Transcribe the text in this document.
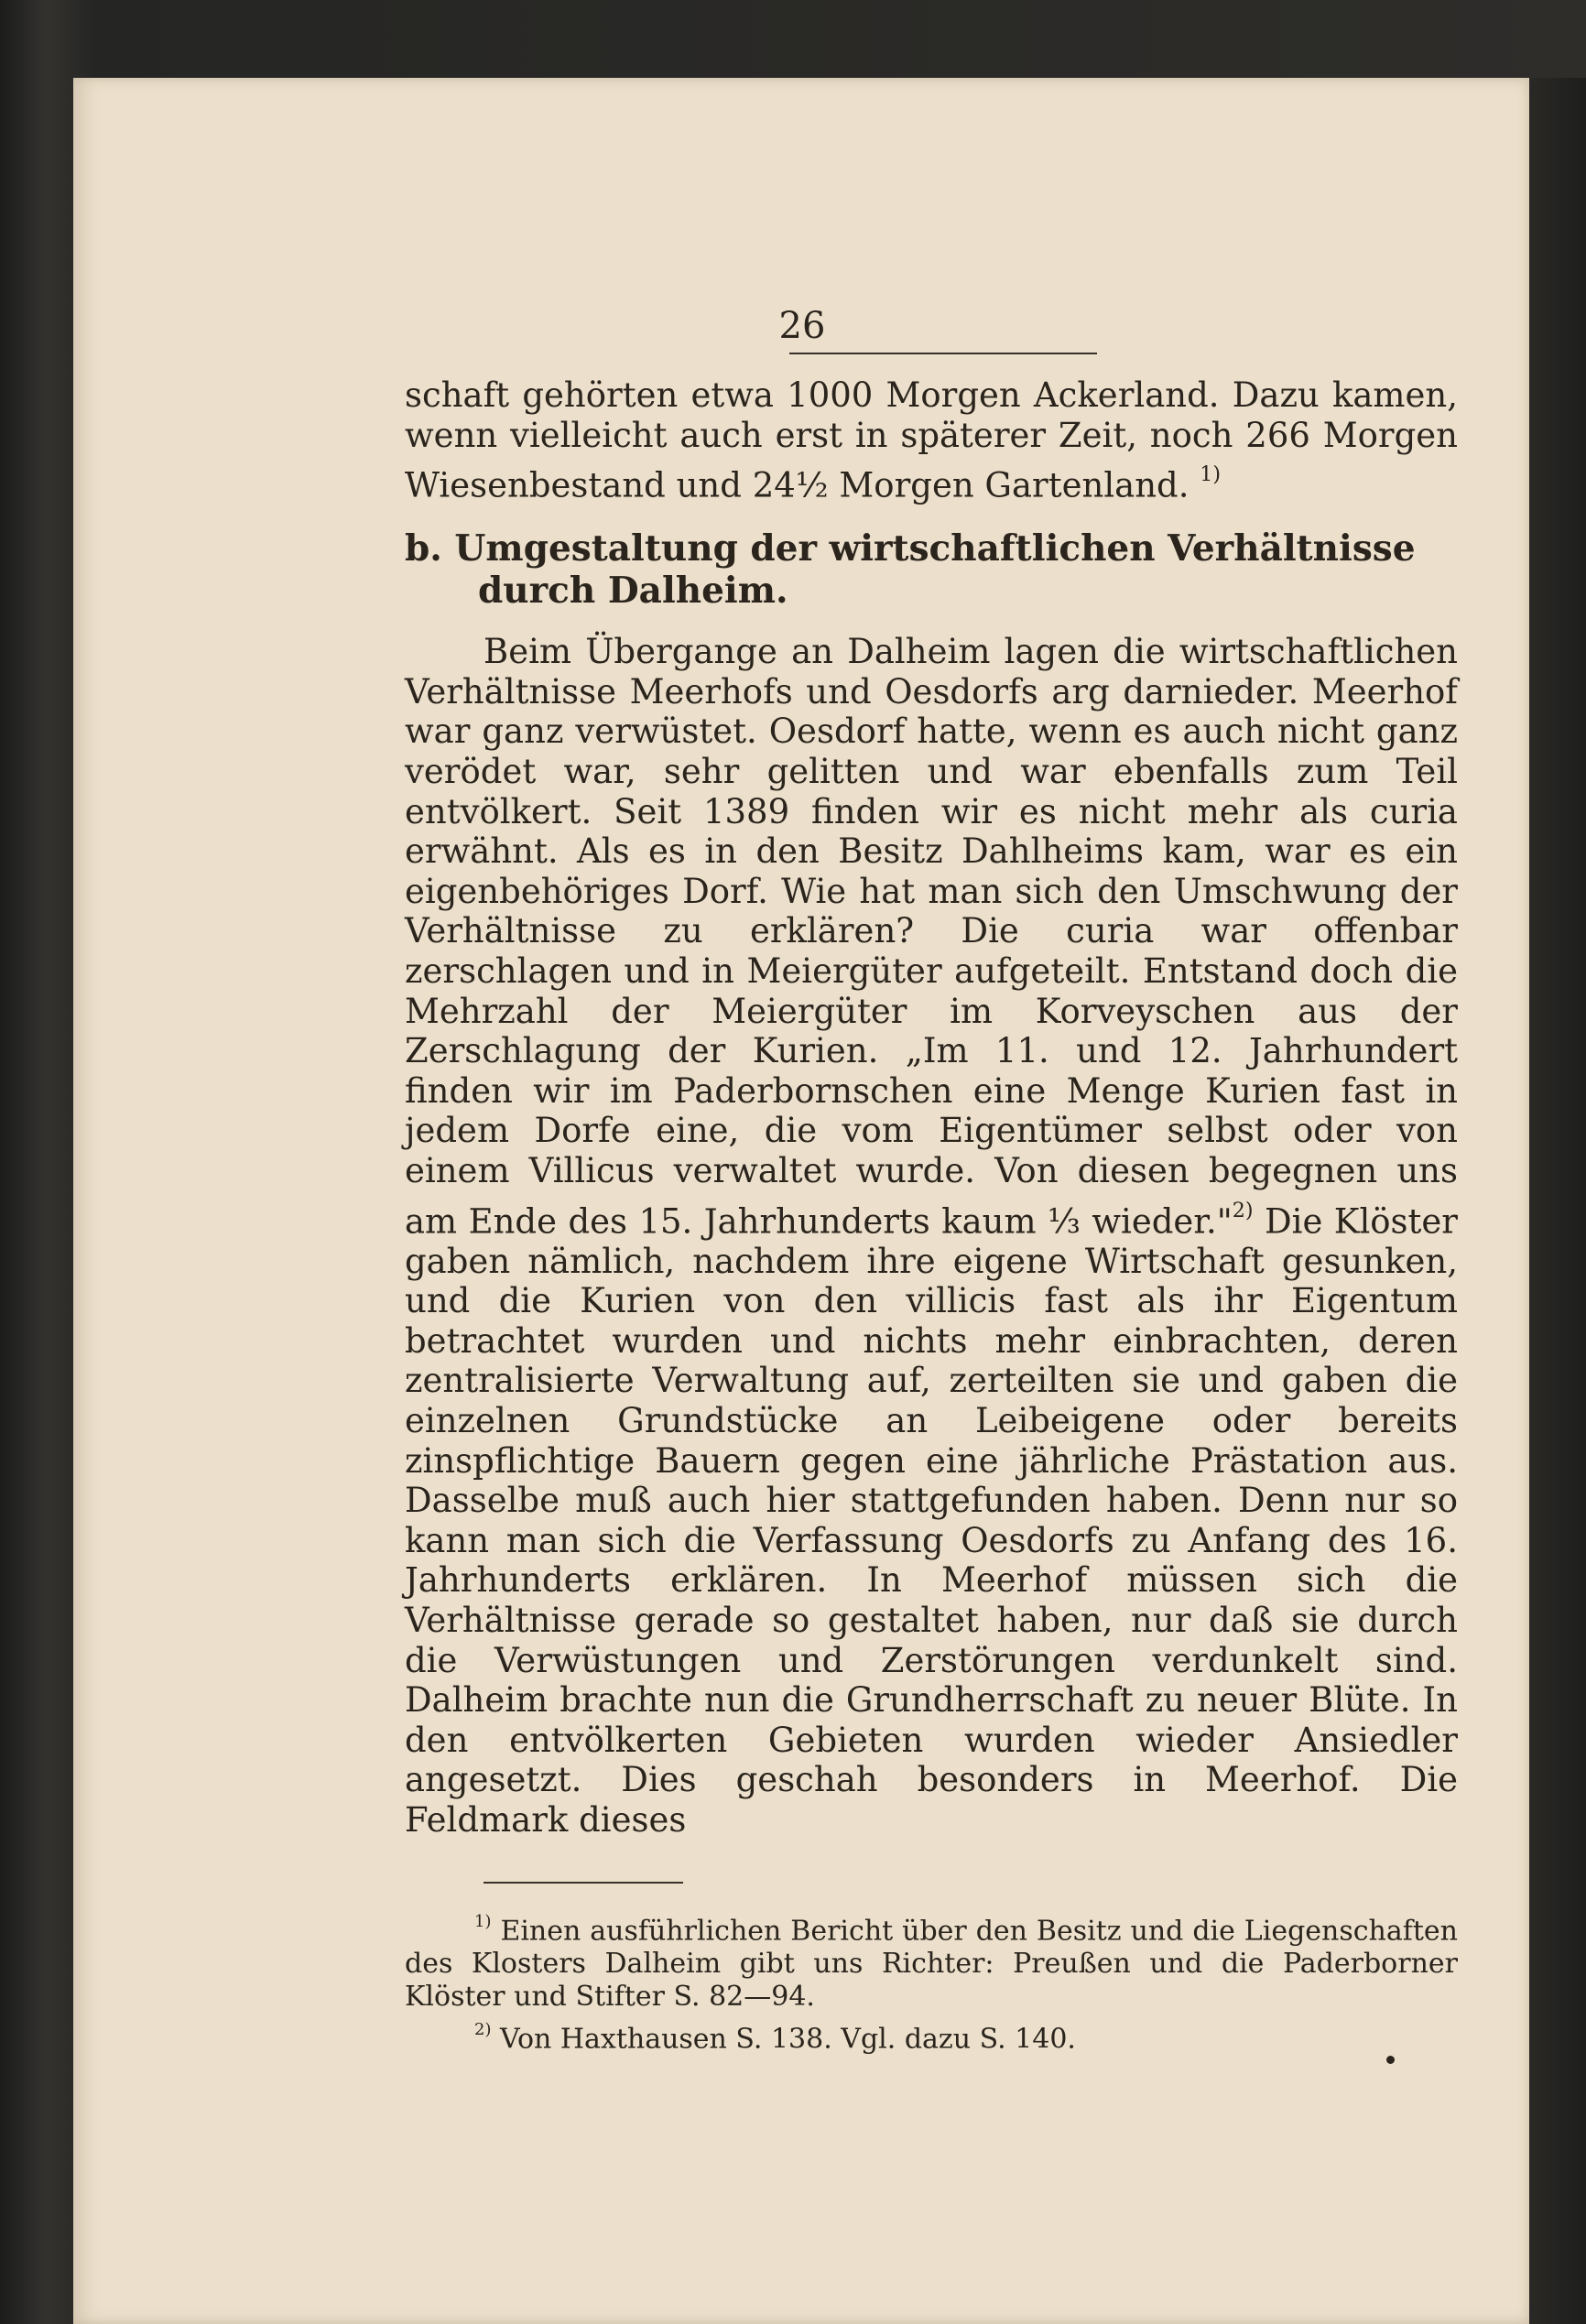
26

schaft gehörten etwa 1000 Morgen Ackerland. Dazu kamen, wenn vielleicht auch erst in späterer Zeit, noch 266 Morgen Wiesenbestand und 24½ Morgen Gartenland. $^{1)}$

b. Umgestaltung der wirtschaftlichen Verhältnisse
durch Dalheim.

Beim Übergange an Dalheim lagen die wirtschaftlichen Verhältnisse Meerhofs und Oesdorfs arg darnieder. Meerhof war ganz verwüstet. Oesdorf hatte, wenn es auch nicht ganz verödet war, sehr gelitten und war ebenfalls zum Teil entvölkert. Seit 1389 finden wir es nicht mehr als curia erwähnt. Als es in den Besitz Dahlheims kam, war es ein eigenbehöriges Dorf. Wie hat man sich den Umschwung der Verhältnisse zu erklären? Die curia war offenbar zerschlagen und in Meiergüter aufgeteilt. Entstand doch die Mehrzahl der Meiergüter im Korveyschen aus der Zerschlagung der Kurien. „Im 11. und 12. Jahrhundert finden wir im Paderbornschen eine Menge Kurien fast in jedem Dorfe eine, die vom Eigentümer selbst oder von einem Villicus verwaltet wurde. Von diesen begegnen uns am Ende des 15. Jahrhunderts kaum ⅓ wieder."$^{2)}$ Die Klöster gaben nämlich, nachdem ihre eigene Wirtschaft gesunken, und die Kurien von den villicis fast als ihr Eigentum betrachtet wurden und nichts mehr einbrachten, deren zentralisierte Verwaltung auf, zerteilten sie und gaben die einzelnen Grundstücke an Leibeigene oder bereits zinspflichtige Bauern gegen eine jährliche Prästation aus. Dasselbe muß auch hier stattgefunden haben. Denn nur so kann man sich die Verfassung Oesdorfs zu Anfang des 16. Jahrhunderts erklären. In Meerhof müssen sich die Verhältnisse gerade so gestaltet haben, nur daß sie durch die Verwüstungen und Zerstörungen verdunkelt sind. Dalheim brachte nun die Grundherrschaft zu neuer Blüte. In den entvölkerten Gebieten wurden wieder Ansiedler angesetzt. Dies geschah besonders in Meerhof. Die Feldmark dieses

$^{1)}$ Einen ausführlichen Bericht über den Besitz und die Liegenschaften des Klosters Dalheim gibt uns Richter: Preußen und die Paderborner Klöster und Stifter S. 82—94.

$^{2)}$ Von Haxthausen S. 138. Vgl. dazu S. 140.
